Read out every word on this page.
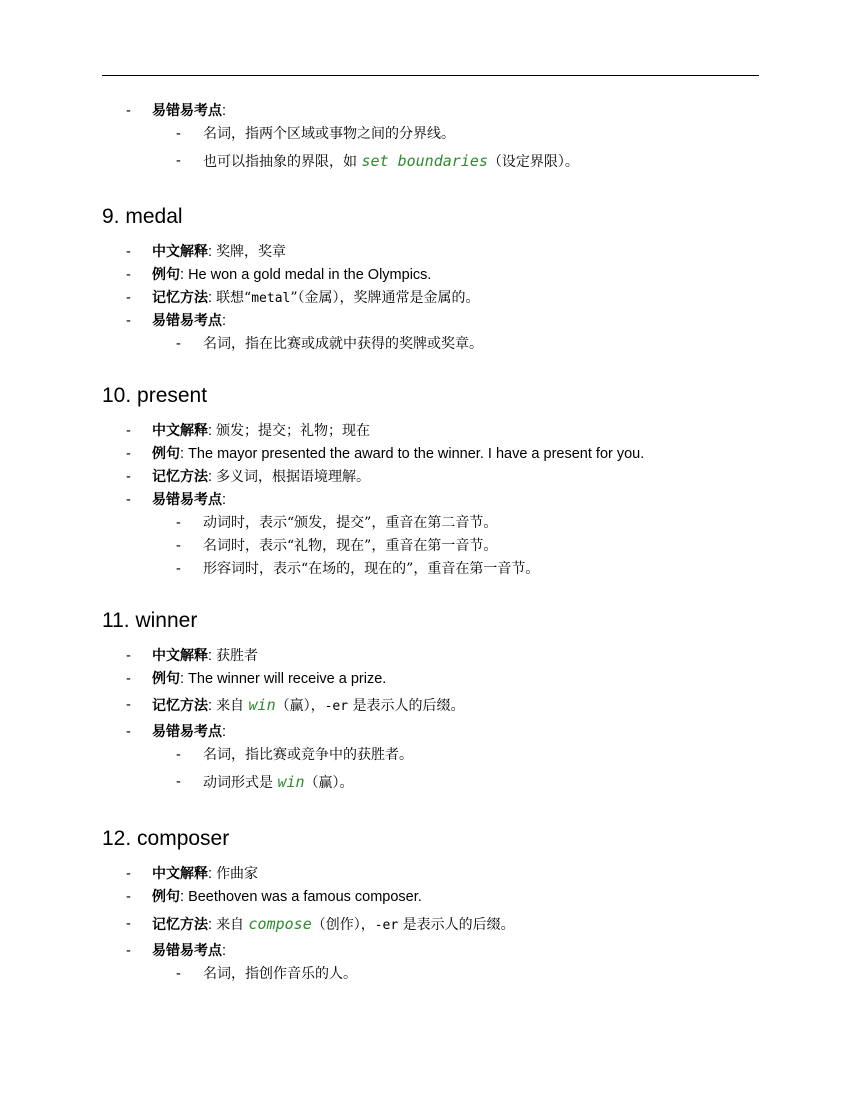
- 易错易考点:
- 名词，指两个区域或事物之间的分界线。
- 也可以指抽象的界限，如 set boundaries（设定界限）。
9. medal
- 中文解释: 奖牌，奖章
- 例句: He won a gold medal in the Olympics.
- 记忆方法: 联想“metal”（金属），奖牌通常是金属的。
- 易错易考点:
- 名词，指在比赛或成就中获得的奖牌或奖章。
10. present
- 中文解释: 颁发；提交；礼物；现在
- 例句: The mayor presented the award to the winner. I have a present for you.
- 记忆方法: 多义词，根据语境理解。
- 易错易考点:
- 动词时，表示“颁发，提交”，重音在第二音节。
- 名词时，表示“礼物，现在”，重音在第一音节。
- 形容词时，表示“在场的，现在的”，重音在第一音节。
11. winner
- 中文解释: 获胜者
- 例句: The winner will receive a prize.
- 记忆方法: 来自 win（赢），-er 是表示人的后缀。
- 易错易考点:
- 名词，指比赛或竞争中的获胜者。
- 动词形式是 win（赢）。
12. composer
- 中文解释: 作曲家
- 例句: Beethoven was a famous composer.
- 记忆方法: 来自 compose（创作），-er 是表示人的后缀。
- 易错易考点:
- 名词，指创作音乐的人。
